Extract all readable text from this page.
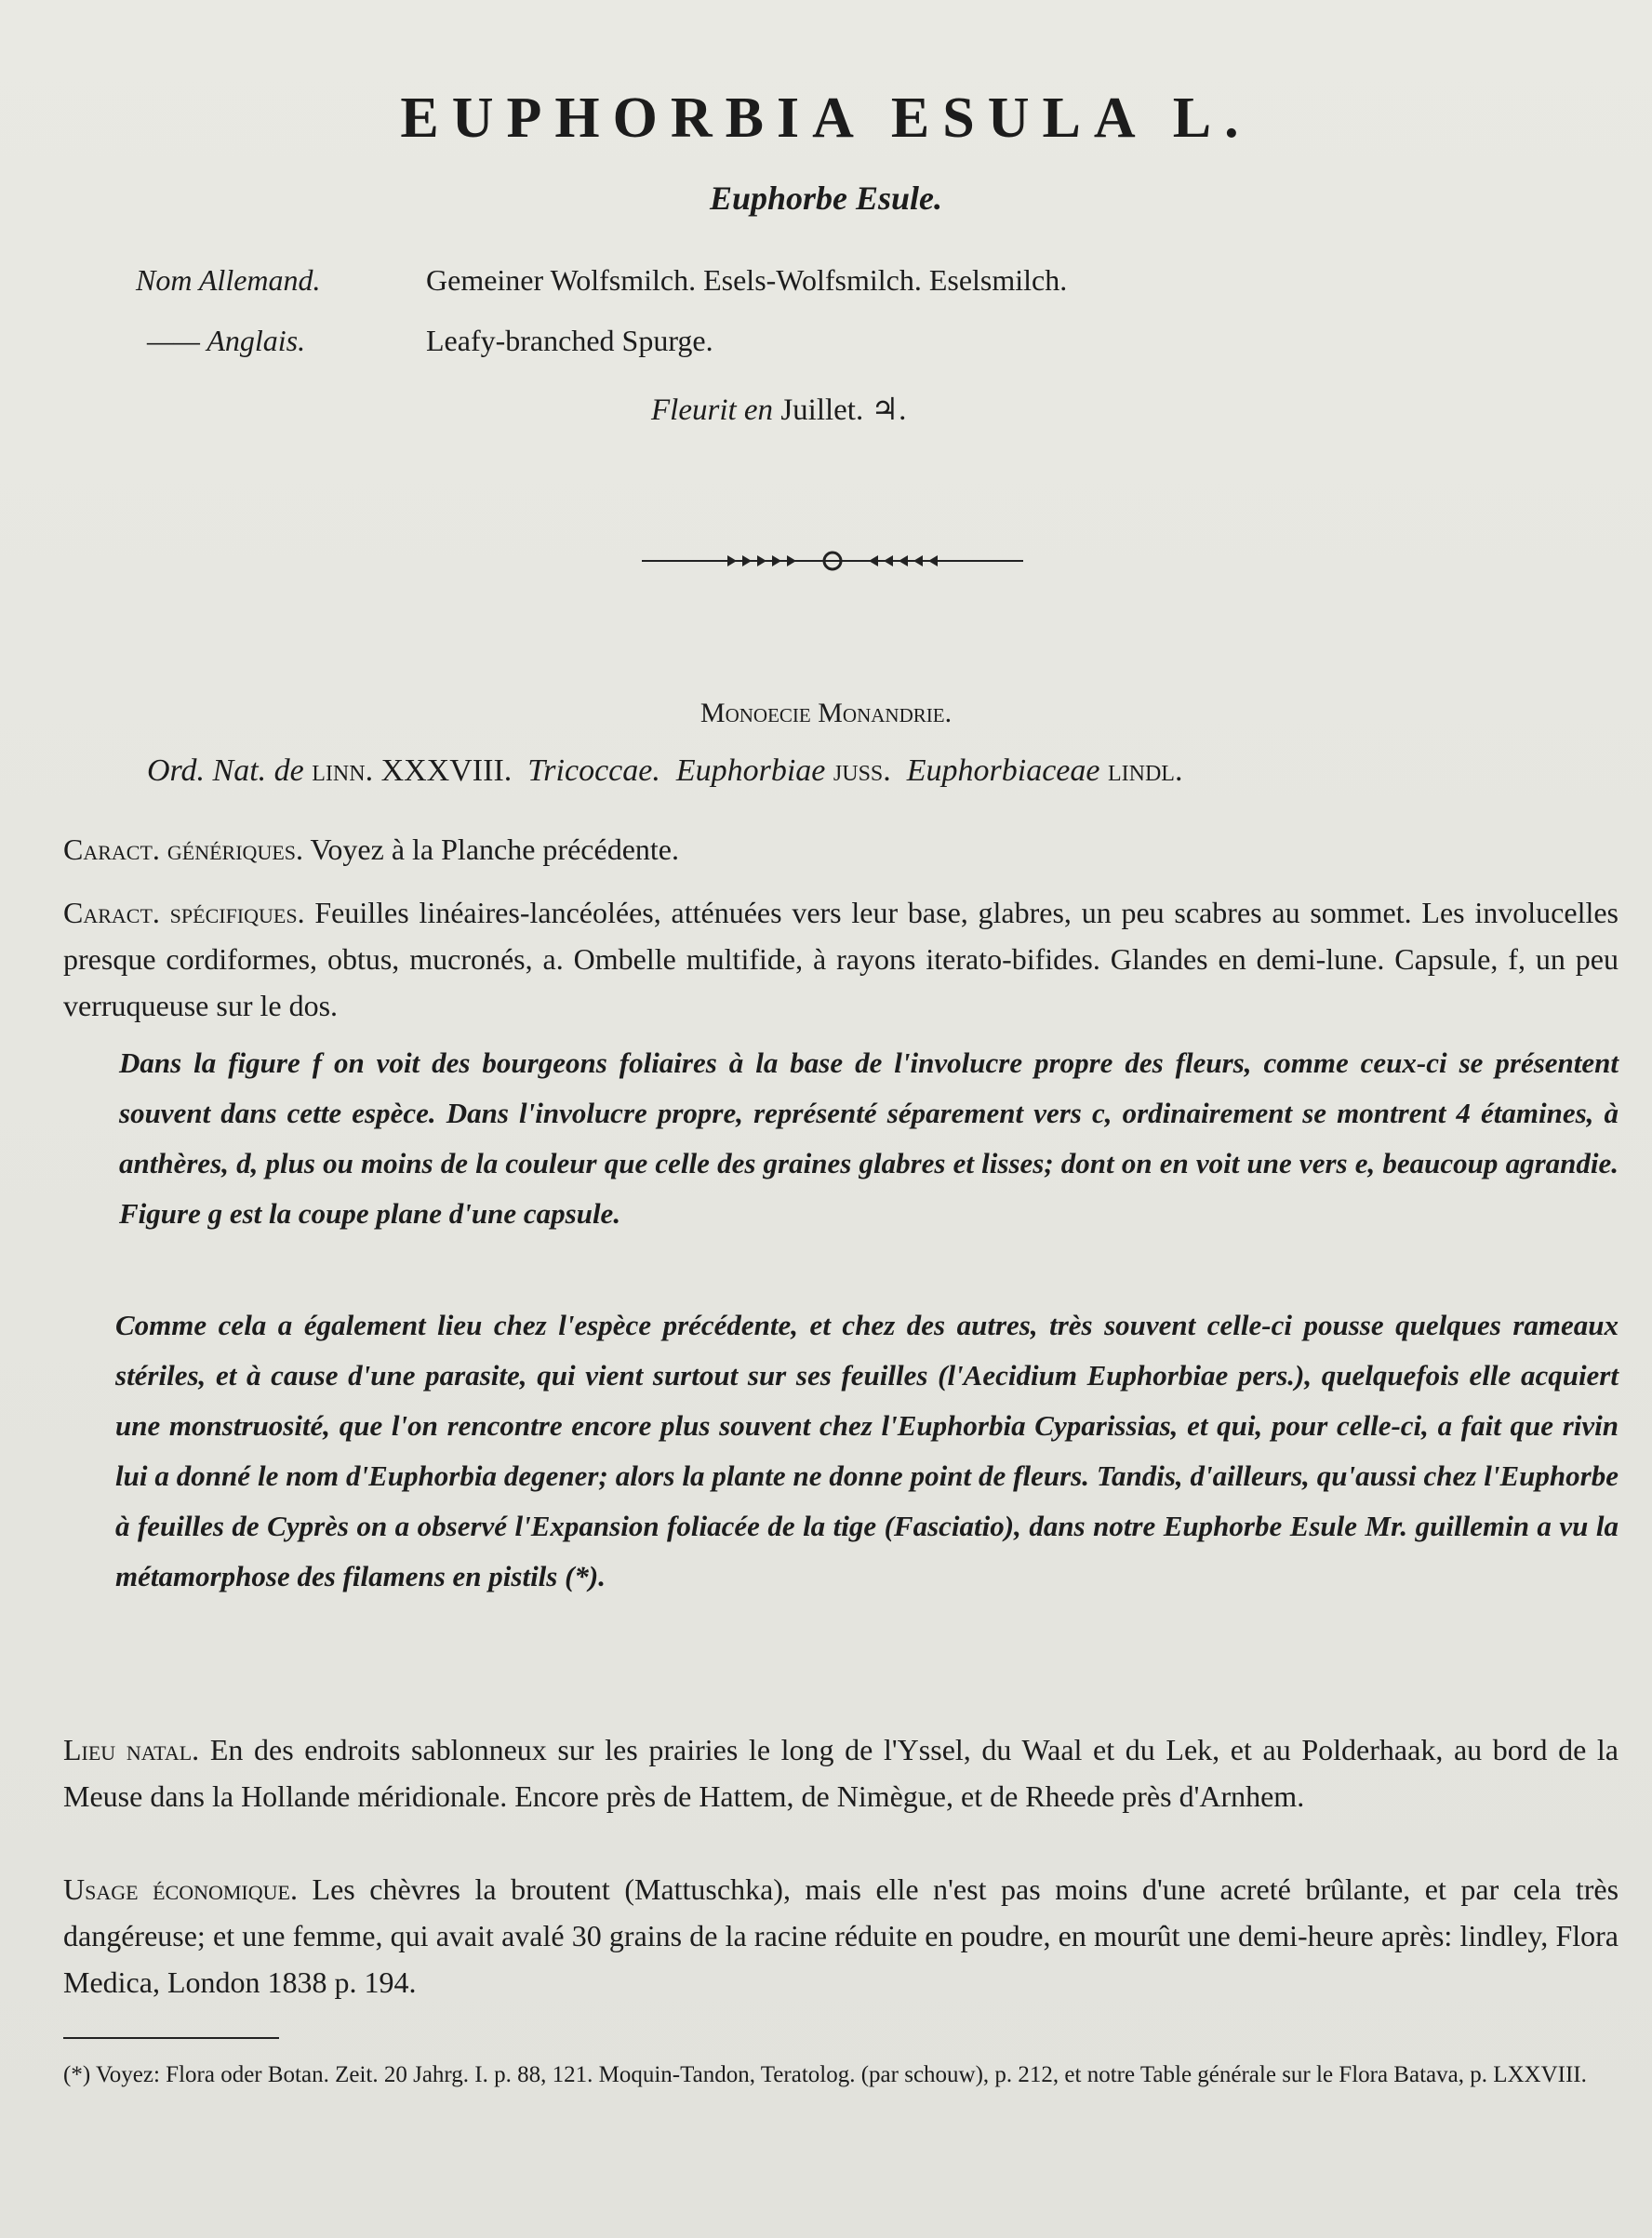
EUPHORBIA ESULA L.
Euphorbe Esule.
Nom Allemand.	Gemeiner Wolfsmilch. Esels-Wolfsmilch. Eselsmilch.
—— Anglais.	Leafy-branched Spurge.
Fleurit en Juillet. ♃.
Monoecie Monandrie.
Ord. Nat. de linn. XXXVIII. Tricoccae. Euphorbiae juss. Euphorbiaceae lindl.
Caract. génériques. Voyez à la Planche précédente.
Caract. spécifiques. Feuilles linéaires-lancéolées, atténuées vers leur base, glabres, un peu scabres au sommet. Les involucelles presque cordiformes, obtus, mucronés, a. Ombelle multifide, à rayons iterato-bifides. Glandes en demi-lune. Capsule, f, un peu verruqueuse sur le dos.
Dans la figure f on voit des bourgeons foliaires à la base de l'involucre propre des fleurs, comme ceux-ci se présentent souvent dans cette espèce. Dans l'involucre propre, représenté séparement vers c, ordinairement se montrent 4 étamines, à anthères, d, plus ou moins de la couleur que celle des graines glabres et lisses; dont on en voit une vers e, beaucoup agrandie. Figure g est la coupe plane d'une capsule.
Comme cela a également lieu chez l'espèce précédente, et chez des autres, très souvent celle-ci pousse quelques rameaux stériles, et à cause d'une parasite, qui vient surtout sur ses feuilles (l'Aecidium Euphorbiae pers.), quelquefois elle acquiert une monstruosité, que l'on rencontre encore plus souvent chez l'Euphorbia Cyparissias, et qui, pour celle-ci, a fait que rivin lui a donné le nom d'Euphorbia degener; alors la plante ne donne point de fleurs. Tandis, d'ailleurs, qu'aussi chez l'Euphorbe à feuilles de Cyprès on a observé l'Expansion foliacée de la tige (Fasciatio), dans notre Euphorbe Esule Mr. guillemin a vu la métamorphose des filamens en pistils (*).
Lieu natal. En des endroits sablonneux sur les prairies le long de l'Yssel, du Waal et du Lek, et au Polderhaak, au bord de la Meuse dans la Hollande méridionale. Encore près de Hattem, de Nimègue, et de Rheede près d'Arnhem.
Usage économique. Les chèvres la broutent (Mattuschka), mais elle n'est pas moins d'une acreté brûlante, et par cela très dangéreuse; et une femme, qui avait avalé 30 grains de la racine réduite en poudre, en mourût une demi-heure après: lindley, Flora Medica, London 1838 p. 194.
(*) Voyez: Flora oder Botan. Zeit. 20 Jahrg. I. p. 88, 121. Moquin-Tandon, Teratolog. (par schouw), p. 212, et notre Table générale sur le Flora Batava, p. LXXVIII.
